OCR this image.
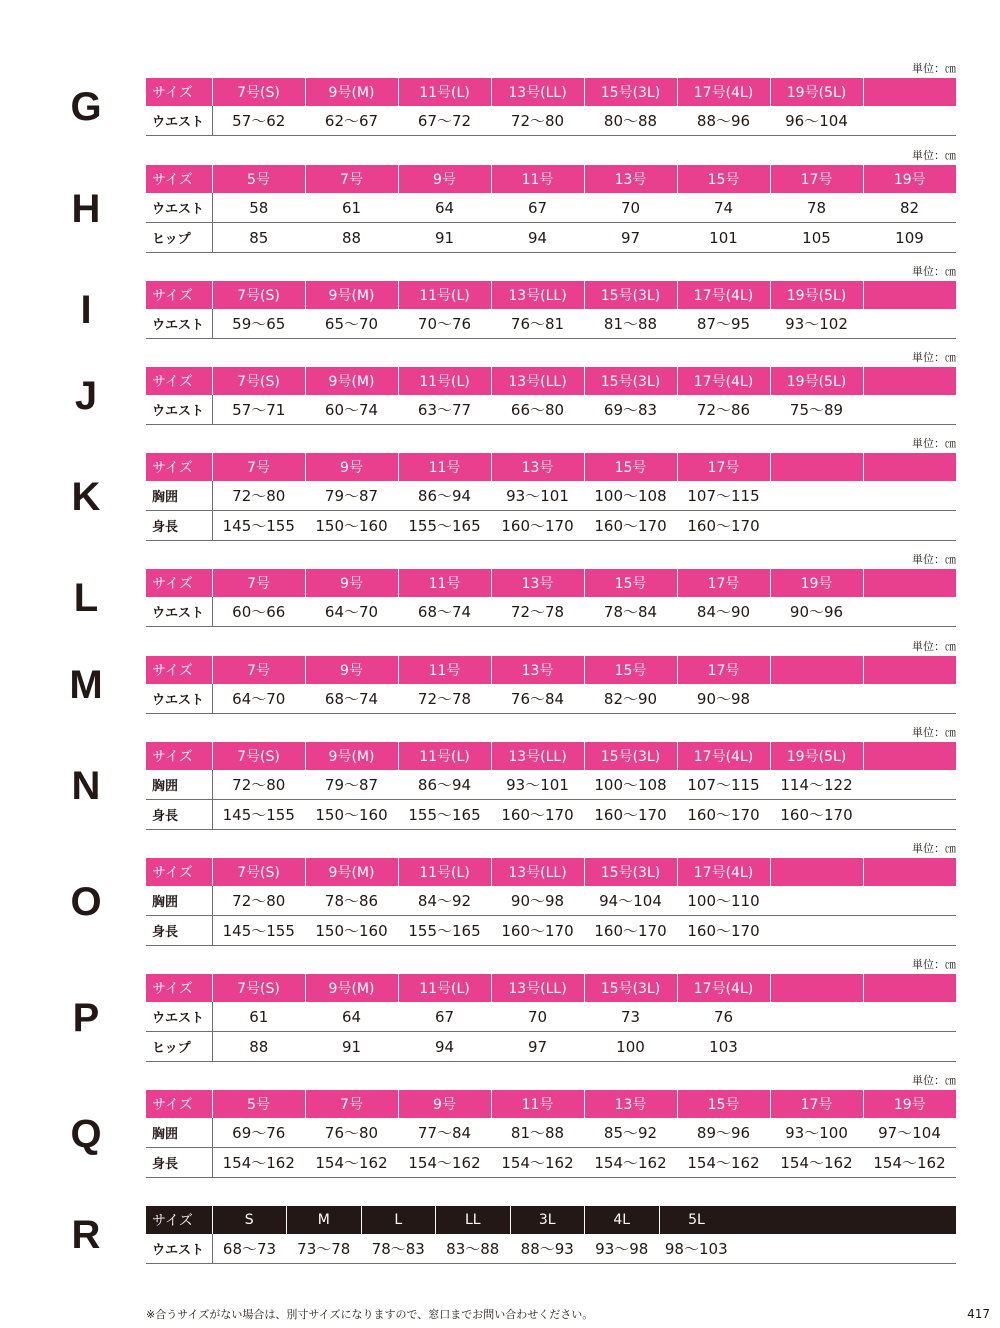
単位：㎝
G	サイズ	7号(S)	9号(M)	11号(L)	13号(LL)	15号(3L)	17号(4L)	19号(5L)	
ウエスト	57〜62	62〜67	67〜72	72〜80	80〜88	88〜96	96〜104	
単位：㎝
H
サイズ	5号	7号	9号	11号	13号	15号	17号	19号
ウエスト	58	61	64	67	70	74	78	82
ヒップ	85	88	91	94	97	101	105	109
単位：㎝
I	サイズ	7号(S)	9号(M)	11号(L)	13号(LL)	15号(3L)	17号(4L)	19号(5L)	
ウエスト	59〜65	65〜70	70〜76	76〜81	81〜88	87〜95	93〜102	
単位：㎝
J	サイズ	7号(S)	9号(M)	11号(L)	13号(LL)	15号(3L)	17号(4L)	19号(5L)	
ウエスト	57〜71	60〜74	63〜77	66〜80	69〜83	72〜86	75〜89	
単位：㎝
K
サイズ	7号	9号	11号	13号	15号	17号		
胸囲	72〜80	79〜87	86〜94	93〜101	100〜108	107〜115		
身長	145〜155	150〜160	155〜165	160〜170	160〜170	160〜170		
単位：㎝
L	サイズ	7号	9号	11号	13号	15号	17号	19号	
ウエスト	60〜66	64〜70	68〜74	72〜78	78〜84	84〜90	90〜96	
単位：㎝
M	サイズ	7号	9号	11号	13号	15号	17号		
ウエスト	64〜70	68〜74	72〜78	76〜84	82〜90	90〜98		
単位：㎝
N
サイズ	7号(S)	9号(M)	11号(L)	13号(LL)	15号(3L)	17号(4L)	19号(5L)	
胸囲	72〜80	79〜87	86〜94	93〜101	100〜108	107〜115	114〜122	
身長	145〜155	150〜160	155〜165	160〜170	160〜170	160〜170	160〜170	
単位：㎝
O
サイズ	7号(S)	9号(M)	11号(L)	13号(LL)	15号(3L)	17号(4L)		
胸囲	72〜80	78〜86	84〜92	90〜98	94〜104	100〜110		
身長	145〜155	150〜160	155〜165	160〜170	160〜170	160〜170		
単位：㎝
P
サイズ	7号(S)	9号(M)	11号(L)	13号(LL)	15号(3L)	17号(4L)		
ウエスト	61	64	67	70	73	76		
ヒップ	88	91	94	97	100	103		
単位：㎝
Q
サイズ	5号	7号	9号	11号	13号	15号	17号	19号
胸囲	69〜76	76〜80	77〜84	81〜88	85〜92	89〜96	93〜100	97〜104
身長	154〜162	154〜162	154〜162	154〜162	154〜162	154〜162	154〜162	154〜162
R	サイズ	S	M	L	LL	3L	4L	5L	
ウエスト	68〜73	73〜78	78〜83	83〜88	88〜93	93〜98	98〜103	
※合うサイズがない場合は、別寸サイズになりますので、窓口までお問い合わせください。	417
